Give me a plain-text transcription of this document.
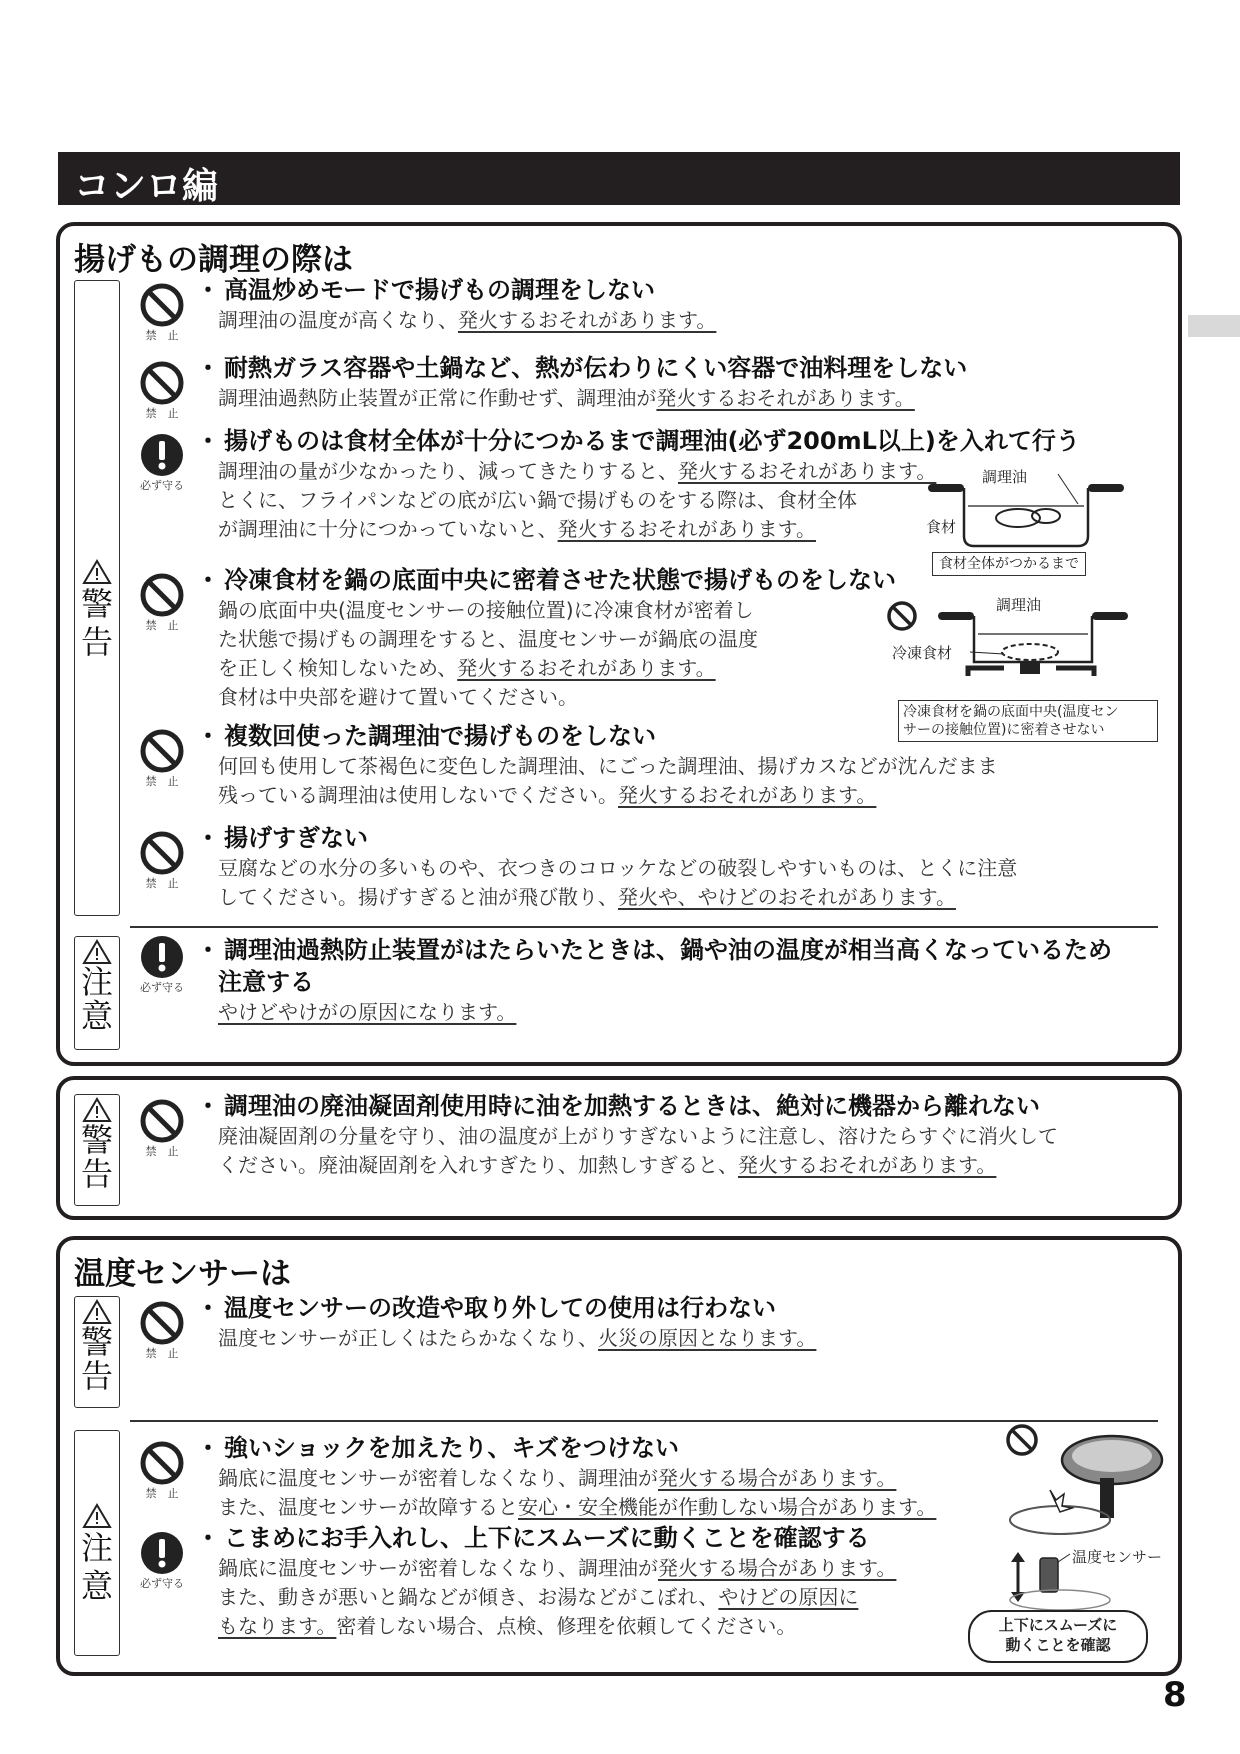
コンロ編
揚げもの調理の際は
警
告
禁　止
・ 高温炒めモードで揚げもの調理をしない
調理油の温度が高くなり、発火するおそれがあります。
禁　止
・ 耐熱ガラス容器や土鍋など、熱が伝わりにくい容器で油料理をしない
調理油過熱防止装置が正常に作動せず、調理油が発火するおそれがあります。
必ず守る
・ 揚げものは食材全体が十分につかるまで調理油(必ず200mL以上)を入れて行う
調理油の量が少なかったり、減ってきたりすると、発火するおそれがあります。
とくに、フライパンなどの底が広い鍋で揚げものをする際は、食材全体
が調理油に十分につかっていないと、発火するおそれがあります。
調理油
食材
食材全体がつかるまで
禁　止
・ 冷凍食材を鍋の底面中央に密着させた状態で揚げものをしない
鍋の底面中央(温度センサーの接触位置)に冷凍食材が密着し
た状態で揚げもの調理をすると、温度センサーが鍋底の温度
を正しく検知しないため、発火するおそれがあります。
食材は中央部を避けて置いてください。
調理油
冷凍食材
冷凍食材を鍋の底面中央(温度セン
サーの接触位置)に密着させない
禁　止
・ 複数回使った調理油で揚げものをしない
何回も使用して茶褐色に変色した調理油、にごった調理油、揚げカスなどが沈んだまま
残っている調理油は使用しないでください。発火するおそれがあります。
禁　止
・ 揚げすぎない
豆腐などの水分の多いものや、衣つきのコロッケなどの破裂しやすいものは、とくに注意
してください。揚げすぎると油が飛び散り、発火や、やけどのおそれがあります。
注
意
必ず守る
・ 調理油過熱防止装置がはたらいたときは、鍋や油の温度が相当高くなっているため
注意する
やけどやけがの原因になります。
警
告
禁　止
・ 調理油の廃油凝固剤使用時に油を加熱するときは、絶対に機器から離れない
廃油凝固剤の分量を守り、油の温度が上がりすぎないように注意し、溶けたらすぐに消火して
ください。廃油凝固剤を入れすぎたり、加熱しすぎると、発火するおそれがあります。
温度センサーは
警
告
禁　止
・ 温度センサーの改造や取り外しての使用は行わない
温度センサーが正しくはたらかなくなり、火災の原因となります。
注
意
禁　止
・ 強いショックを加えたり、キズをつけない
鍋底に温度センサーが密着しなくなり、調理油が発火する場合があります。
また、温度センサーが故障すると安心・安全機能が作動しない場合があります。
必ず守る
・ こまめにお手入れし、上下にスムーズに動くことを確認する
鍋底に温度センサーが密着しなくなり、調理油が発火する場合があります。
また、動きが悪いと鍋などが傾き、お湯などがこぼれ、やけどの原因に
もなります。密着しない場合、点検、修理を依頼してください。
温度センサー
上下にスムーズに
動くことを確認
8
